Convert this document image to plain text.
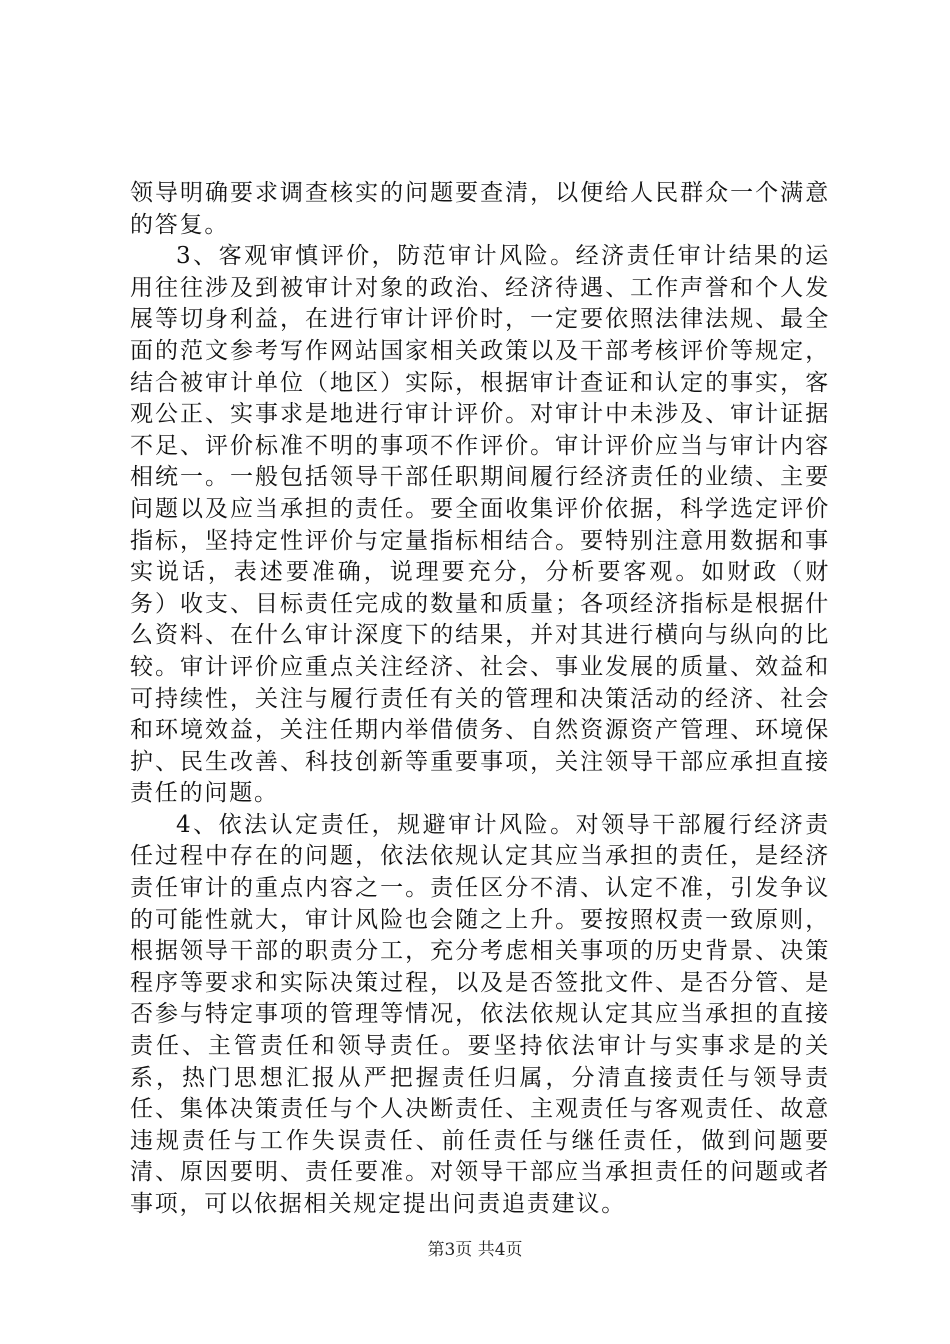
领导明确要求调查核实的问题要查清，以便给人民群众一个满意的答复。

3、客观审慎评价，防范审计风险。经济责任审计结果的运用往往涉及到被审计对象的政治、经济待遇、工作声誉和个人发展等切身利益，在进行审计评价时，一定要依照法律法规、最全面的范文参考写作网站国家相关政策以及干部考核评价等规定，结合被审计单位（地区）实际，根据审计查证和认定的事实，客观公正、实事求是地进行审计评价。对审计中未涉及、审计证据不足、评价标准不明的事项不作评价。审计评价应当与审计内容相统一。一般包括领导干部任职期间履行经济责任的业绩、主要问题以及应当承担的责任。要全面收集评价依据，科学选定评价指标，坚持定性评价与定量指标相结合。要特别注意用数据和事实说话，表述要准确，说理要充分，分析要客观。如财政（财务）收支、目标责任完成的数量和质量；各项经济指标是根据什么资料、在什么审计深度下的结果，并对其进行横向与纵向的比较。审计评价应重点关注经济、社会、事业发展的质量、效益和可持续性，关注与履行责任有关的管理和决策活动的经济、社会和环境效益，关注任期内举借债务、自然资源资产管理、环境保护、民生改善、科技创新等重要事项，关注领导干部应承担直接责任的问题。

4、依法认定责任，规避审计风险。对领导干部履行经济责任过程中存在的问题，依法依规认定其应当承担的责任，是经济责任审计的重点内容之一。责任区分不清、认定不准，引发争议的可能性就大，审计风险也会随之上升。要按照权责一致原则，根据领导干部的职责分工，充分考虑相关事项的历史背景、决策程序等要求和实际决策过程，以及是否签批文件、是否分管、是否参与特定事项的管理等情况，依法依规认定其应当承担的直接责任、主管责任和领导责任。要坚持依法审计与实事求是的关系，热门思想汇报从严把握责任归属，分清直接责任与领导责任、集体决策责任与个人决断责任、主观责任与客观责任、故意违规责任与工作失误责任、前任责任与继任责任，做到问题要清、原因要明、责任要准。对领导干部应当承担责任的问题或者事项，可以依据相关规定提出问责追责建议。

第3页 共4页
